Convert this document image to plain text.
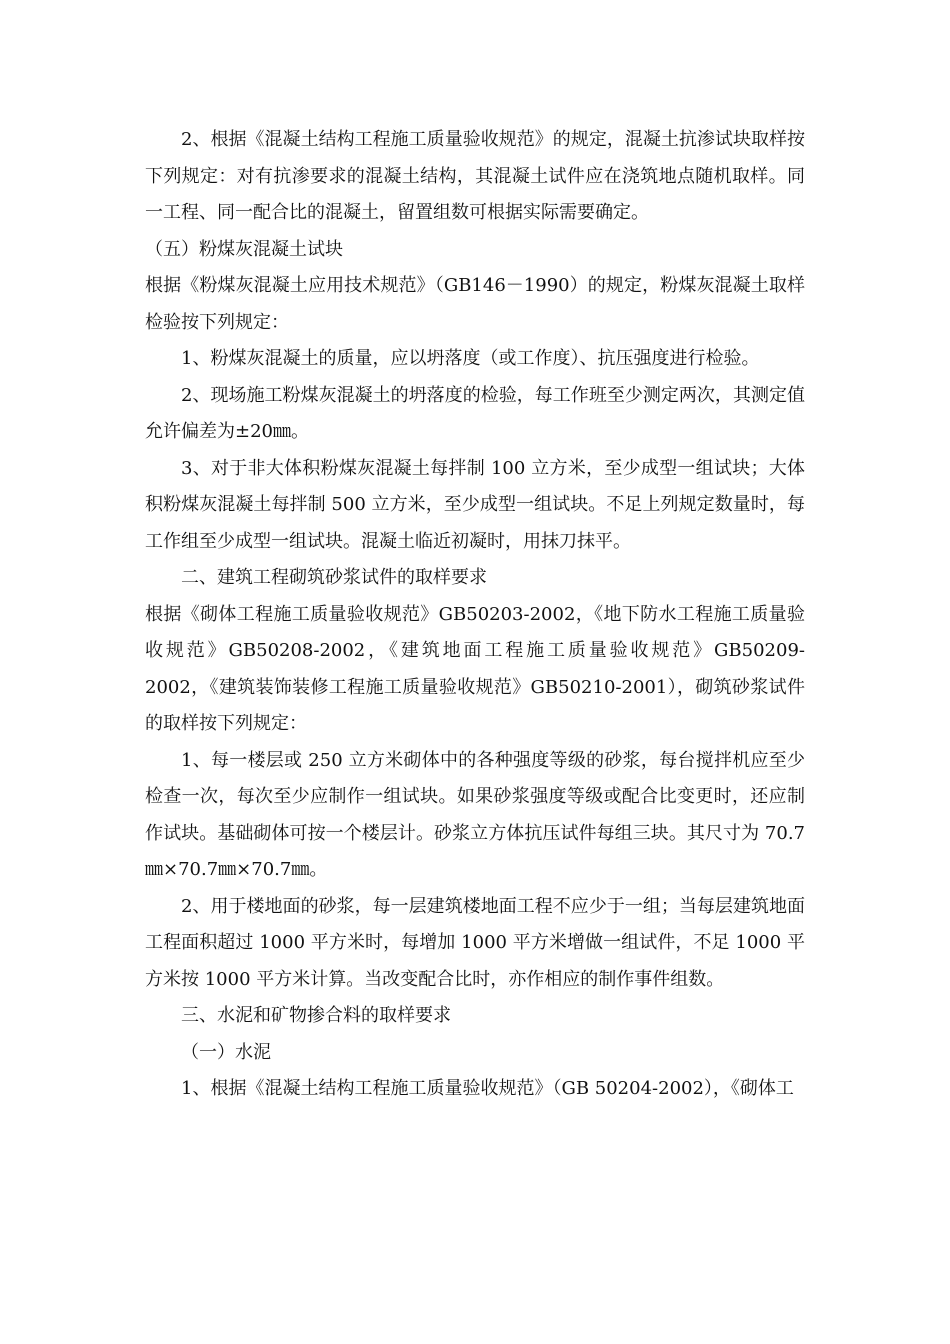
2、根据《混凝土结构工程施工质量验收规范》的规定，混凝土抗渗试块取样按下列规定：对有抗渗要求的混凝土结构，其混凝土试件应在浇筑地点随机取样。同一工程、同一配合比的混凝土，留置组数可根据实际需要确定。

（五）粉煤灰混凝土试块

根据《粉煤灰混凝土应用技术规范》（GB146－1990）的规定，粉煤灰混凝土取样检验按下列规定：

1、粉煤灰混凝土的质量，应以坍落度（或工作度）、抗压强度进行检验。

2、现场施工粉煤灰混凝土的坍落度的检验，每工作班至少测定两次，其测定值允许偏差为±20㎜。

3、对于非大体积粉煤灰混凝土每拌制 100 立方米，至少成型一组试块；大体积粉煤灰混凝土每拌制 500 立方米，至少成型一组试块。不足上列规定数量时，每工作组至少成型一组试块。混凝土临近初凝时，用抹刀抹平。

二、建筑工程砌筑砂浆试件的取样要求

根据《砌体工程施工质量验收规范》GB50203-2002，《地下防水工程施工质量验收规范》GB50208-2002，《建筑地面工程施工质量验收规范》GB50209-2002，《建筑装饰装修工程施工质量验收规范》GB50210-2001），砌筑砂浆试件的取样按下列规定：

1、每一楼层或 250 立方米砌体中的各种强度等级的砂浆，每台搅拌机应至少检查一次，每次至少应制作一组试块。如果砂浆强度等级或配合比变更时，还应制作试块。基础砌体可按一个楼层计。砂浆立方体抗压试件每组三块。其尺寸为 70.7㎜×70.7㎜×70.7㎜。

2、用于楼地面的砂浆，每一层建筑楼地面工程不应少于一组；当每层建筑地面工程面积超过 1000 平方米时，每增加 1000 平方米增做一组试件，不足 1000 平方米按 1000 平方米计算。当改变配合比时，亦作相应的制作事件组数。

三、水泥和矿物掺合料的取样要求

（一）水泥

1、根据《混凝土结构工程施工质量验收规范》（GB 50204-2002），《砌体工
